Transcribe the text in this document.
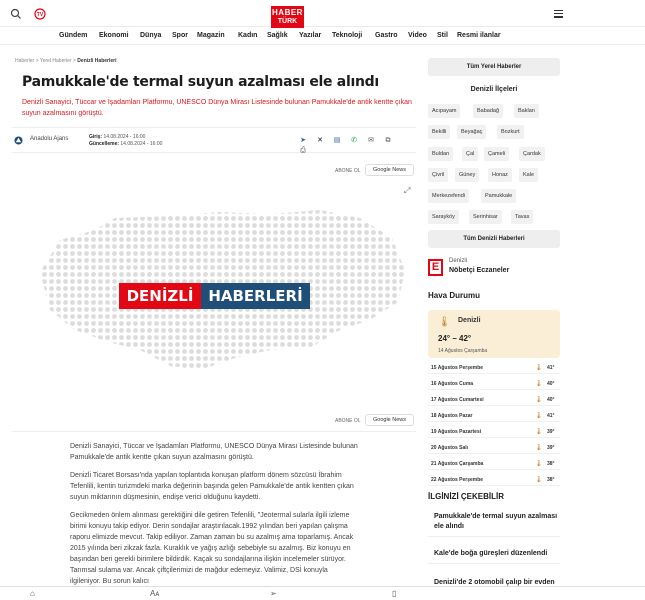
TV	HABER
TÜRK
Gündem Ekonomi Dünya Spor Magazin Kadın Sağlık Yazılar Teknoloji Gastro Video Stil Resmi ilanlar
Haberler > Yerel Haberler > Denizli Haberleri
Pamukkale'de termal suyun azalması ele alındı
Denizli Sanayici, Tüccar ve İşadamları Platformu, UNESCO Dünya Mirası Listesinde bulunan Pamukkale'de antik kentte çıkan suyun azalmasını görüştü.
Anadolu Ajans	Giriş: 14.08.2024 - 16:00
Güncelleme: 14.08.2024 - 16:00	➤ ✕ ▤ ✆ ✉ ⧉⎙
ABONE OL	Google News
⤢
DENİZLİ HABERLERİ
ABONE OL	Google News

Denizli Sanayici, Tüccar ve İşadamları Platformu, UNESCO Dünya Mirası Listesinde bulunan Pamukkale'de antik kentte çıkan suyun azalmasını görüştü.

Denizli Ticaret Borsası'nda yapılan toplantıda konuşan platform dönem sözcüsü İbrahim Tefenlili, kentin turizmdeki marka değerinin başında gelen Pamukkale'de antik kentten çıkan suyun miktarının düşmesinin, endişe verici olduğunu kaydetti.

Gecikmeden önlem alınması gerektiğini dile getiren Tefenlili, "Jeotermal sularla ilgili izleme birimi konuyu takip ediyor. Derin sondajlar araştırılacak.1992 yılından beri yapılan çalışma raporu elimizde mevcut. Takip ediliyor. Zaman zaman bu su azalmış ama toparlamış. Ancak 2015 yılında beri zikzak fazla. Kuraklık ve yağış azlığı sebebiyle su azalmış. Biz konuyu en başından beri gerekli birimlere bildirdik. Kaçak su sondajlarına ilişkin incelemeler sürüyor. Tarımsal sulama var. Ancak çiftçilerimizi de mağdur edemeyiz. Valimiz, DSİ konuyla ilgileniyor. Bu sorun kalıcı

Tüm Yerel Haberler
Denizli İlçeleri
Acıpayam	Babadağ	Baklan
Bekilli	Beyağaç	Bozkurt
Buldan	Çal	Çameli	Çardak
Çivril	Güney	Honaz	Kale
Merkezefendi	Pamukkale
Sarayköy	Serinhisar	Tavas
Tüm Denizli Haberleri
E	Denizli
Nöbetçi Eczaneler
Hava Durumu
🌡 Denizli
24° – 42°
14 Ağustos Çarşamba
15 Ağustos Perşembe	🌡 41°
16 Ağustos Cuma	🌡 40°
17 Ağustos Cumartesi	🌡 40°
18 Ağustos Pazar	🌡 41°
19 Ağustos Pazartesi	🌡 39°
20 Ağustos Salı	🌡 39°
21 Ağustos Çarşamba	🌡 38°
22 Ağustos Perşembe	🌡 38°
İLGİNİZİ ÇEKEBİLİR
Pamukkale'de termal suyun azalması ele alındı
Kale'de boğa güreşleri düzenlendi
Denizli'de 2 otomobil çalıp bir evden
⌂	Aᴀ	➢	▯
